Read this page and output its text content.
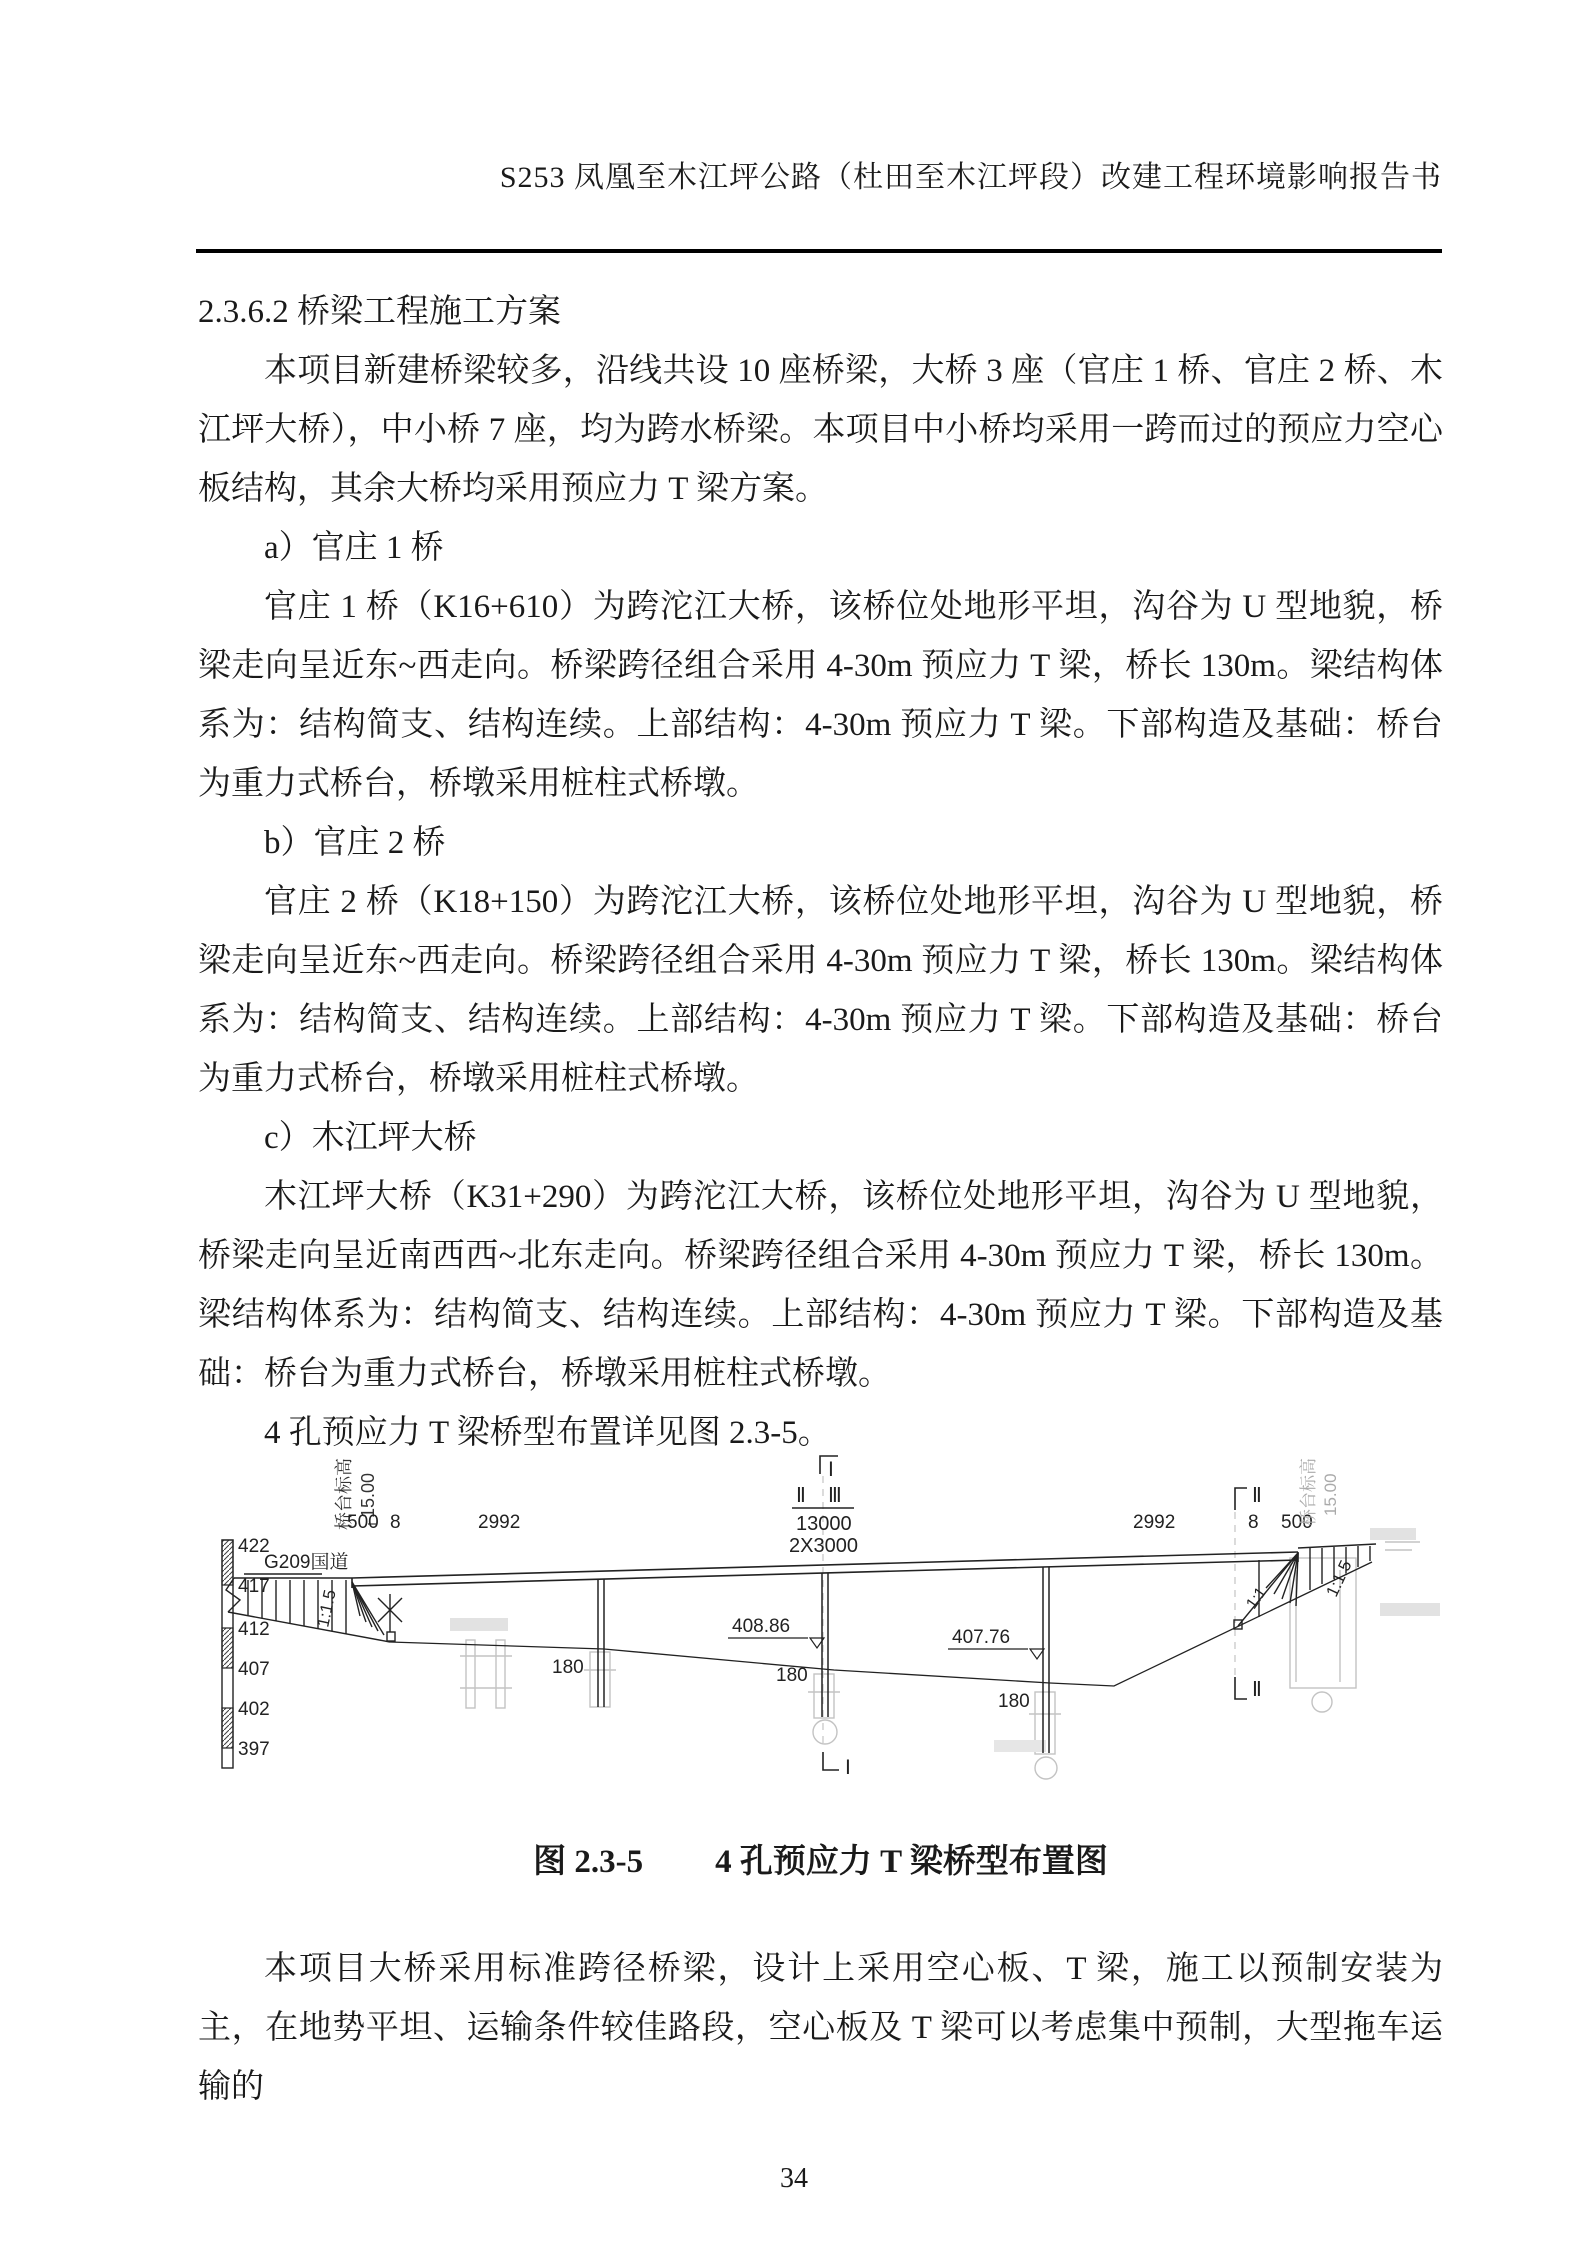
S253 凤凰至木江坪公路（杜田至木江坪段）改建工程环境影响报告书

2.3.6.2 桥梁工程施工方案

本项目新建桥梁较多，沿线共设 10 座桥梁，大桥 3 座（官庄 1 桥、官庄 2 桥、木江坪大桥），中小桥 7 座，均为跨水桥梁。本项目中小桥均采用一跨而过的预应力空心板结构，其余大桥均采用预应力 T 梁方案。

a）官庄 1 桥

官庄 1 桥（K16+610）为跨沱江大桥，该桥位处地形平坦，沟谷为 U 型地貌，桥梁走向呈近东~西走向。桥梁跨径组合采用 4-30m 预应力 T 梁，桥长 130m。梁结构体系为：结构简支、结构连续。上部结构：4-30m 预应力 T 梁。下部构造及基础：桥台为重力式桥台，桥墩采用桩柱式桥墩。

b）官庄 2 桥

官庄 2 桥（K18+150）为跨沱江大桥，该桥位处地形平坦，沟谷为 U 型地貌，桥梁走向呈近东~西走向。桥梁跨径组合采用 4-30m 预应力 T 梁，桥长 130m。梁结构体系为：结构简支、结构连续。上部结构：4-30m 预应力 T 梁。下部构造及基础：桥台为重力式桥台，桥墩采用桩柱式桥墩。

c）木江坪大桥

木江坪大桥（K31+290）为跨沱江大桥，该桥位处地形平坦，沟谷为 U 型地貌，桥梁走向呈近南西西~北东走向。桥梁跨径组合采用 4-30m 预应力 T 梁，桥长 130m。梁结构体系为：结构简支、结构连续。上部结构：4-30m 预应力 T 梁。下部构造及基础：桥台为重力式桥台，桥墩采用桩柱式桥墩。

4 孔预应力 T 梁桥型布置详见图 2.3-5。

422
417
412
407
402
397
桥台标高 15.00
500 8	2992	2992	8 500
I
Ⅱ Ⅲ
13000
2X3000
I
Ⅱ
Ⅱ
G209国道
1:1.5
180	180
180
408.86
407.76
1:1.5
1:1
桥台标高 15.00
图 2.3-5 4 孔预应力 T 梁桥型布置图

本项目大桥采用标准跨径桥梁，设计上采用空心板、T 梁，施工以预制安装为主，在地势平坦、运输条件较佳路段，空心板及 T 梁可以考虑集中预制，大型拖车运输的

34
